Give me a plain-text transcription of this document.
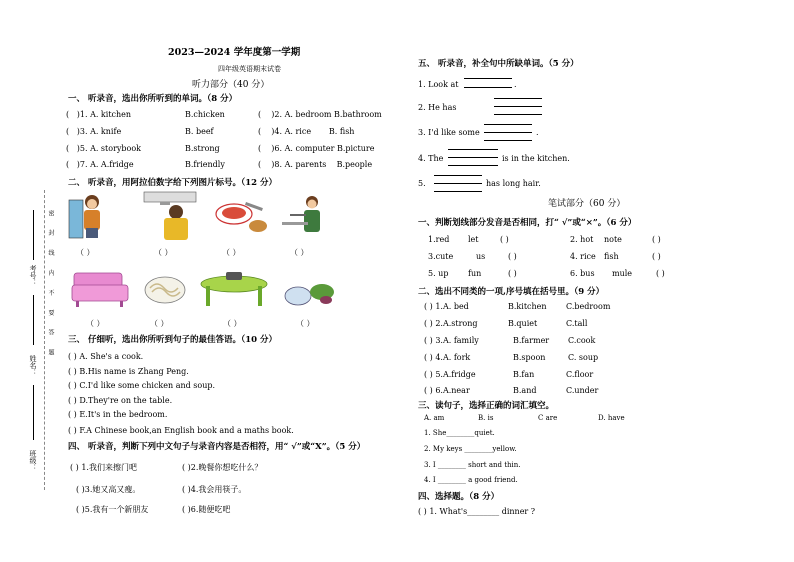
密 封 线 内 不 要 答 题
考号：
姓名：
班级：
2023—2024 学年度第一学期
四年级英语期末试卷
听力部分（40 分）
一、 听录音，选出你所听到的单词。（8 分）
(   )1. A. kitchen	B.chicken
(   )3. A. knife	B. beef
(   )5. A. storybook	B.strong
(   )7. A. A.fridge	B.friendly
(    )2. A. bedroom B.bathroom
(    )4. A. rice B. fish
(    )6. A. computer B.picture
(    )8. A. parents B.people
二、 听录音，用阿拉伯数字给下列图片标号。（12 分）
（ ）	（ ）	（ ）	（ ）
（ ）	（ ）	（ ）	（ ）
三、 仔细听，选出你所听到句子的最佳答语。（10 分）
( ) A. She's a cook.
( ) B.His name is Zhang Peng.
( ) C.I'd like some chicken and soup.
( ) D.They're on the table.
( ) E.It's in the bedroom.
( ) F.A Chinese book,an English book and a maths book.
四、 听录音，判断下列中文句子与录音内容是否相符，用“ √”或“X”。（5 分）
( ) 1.我们来擦门吧	( )2.晚餐你想吃什么？
( )3.她又高又瘦。	( )4.我会用筷子。
( )5.我有一个新朋友	( )6.随便吃吧
五、 听录音，补全句中所缺单词。（5 分）
1. Look at	.
2. He has
3. I'd like some	.
4. The	is in the kitchen.
5.	has long hair.
笔试部分（60 分）
一、判断划线部分发音是否相同，打“ √”或“×”。（6 分）
1.red let	( )	2. hot note	( )
3.cute	us	( )	4. rice fish	( )
5. up fun	( )	6. bus mule	( )
二、选出不同类的一项,序号填在括号里。（9 分）
( ) 1.A. bed	B.kitchen C.bedroom
( ) 2.A.strong	B.quiet	C.tall
( ) 3.A. family	B.farmer C.cook
( ) 4.A. fork	B.spoon	C. soup
( ) 5.A.fridge	B.fan	C.floor
( ) 6.A.near	B.and	C.under
三、读句子，选择正确的词汇填空。
A. am	B. is	C are	D. have
1. She________quiet.
2. My keys ________yellow.
3. I ________ short and thin.
4. I ________ a good friend.
四、选择题。（8 分）
( ) 1. What's________ dinner ?
